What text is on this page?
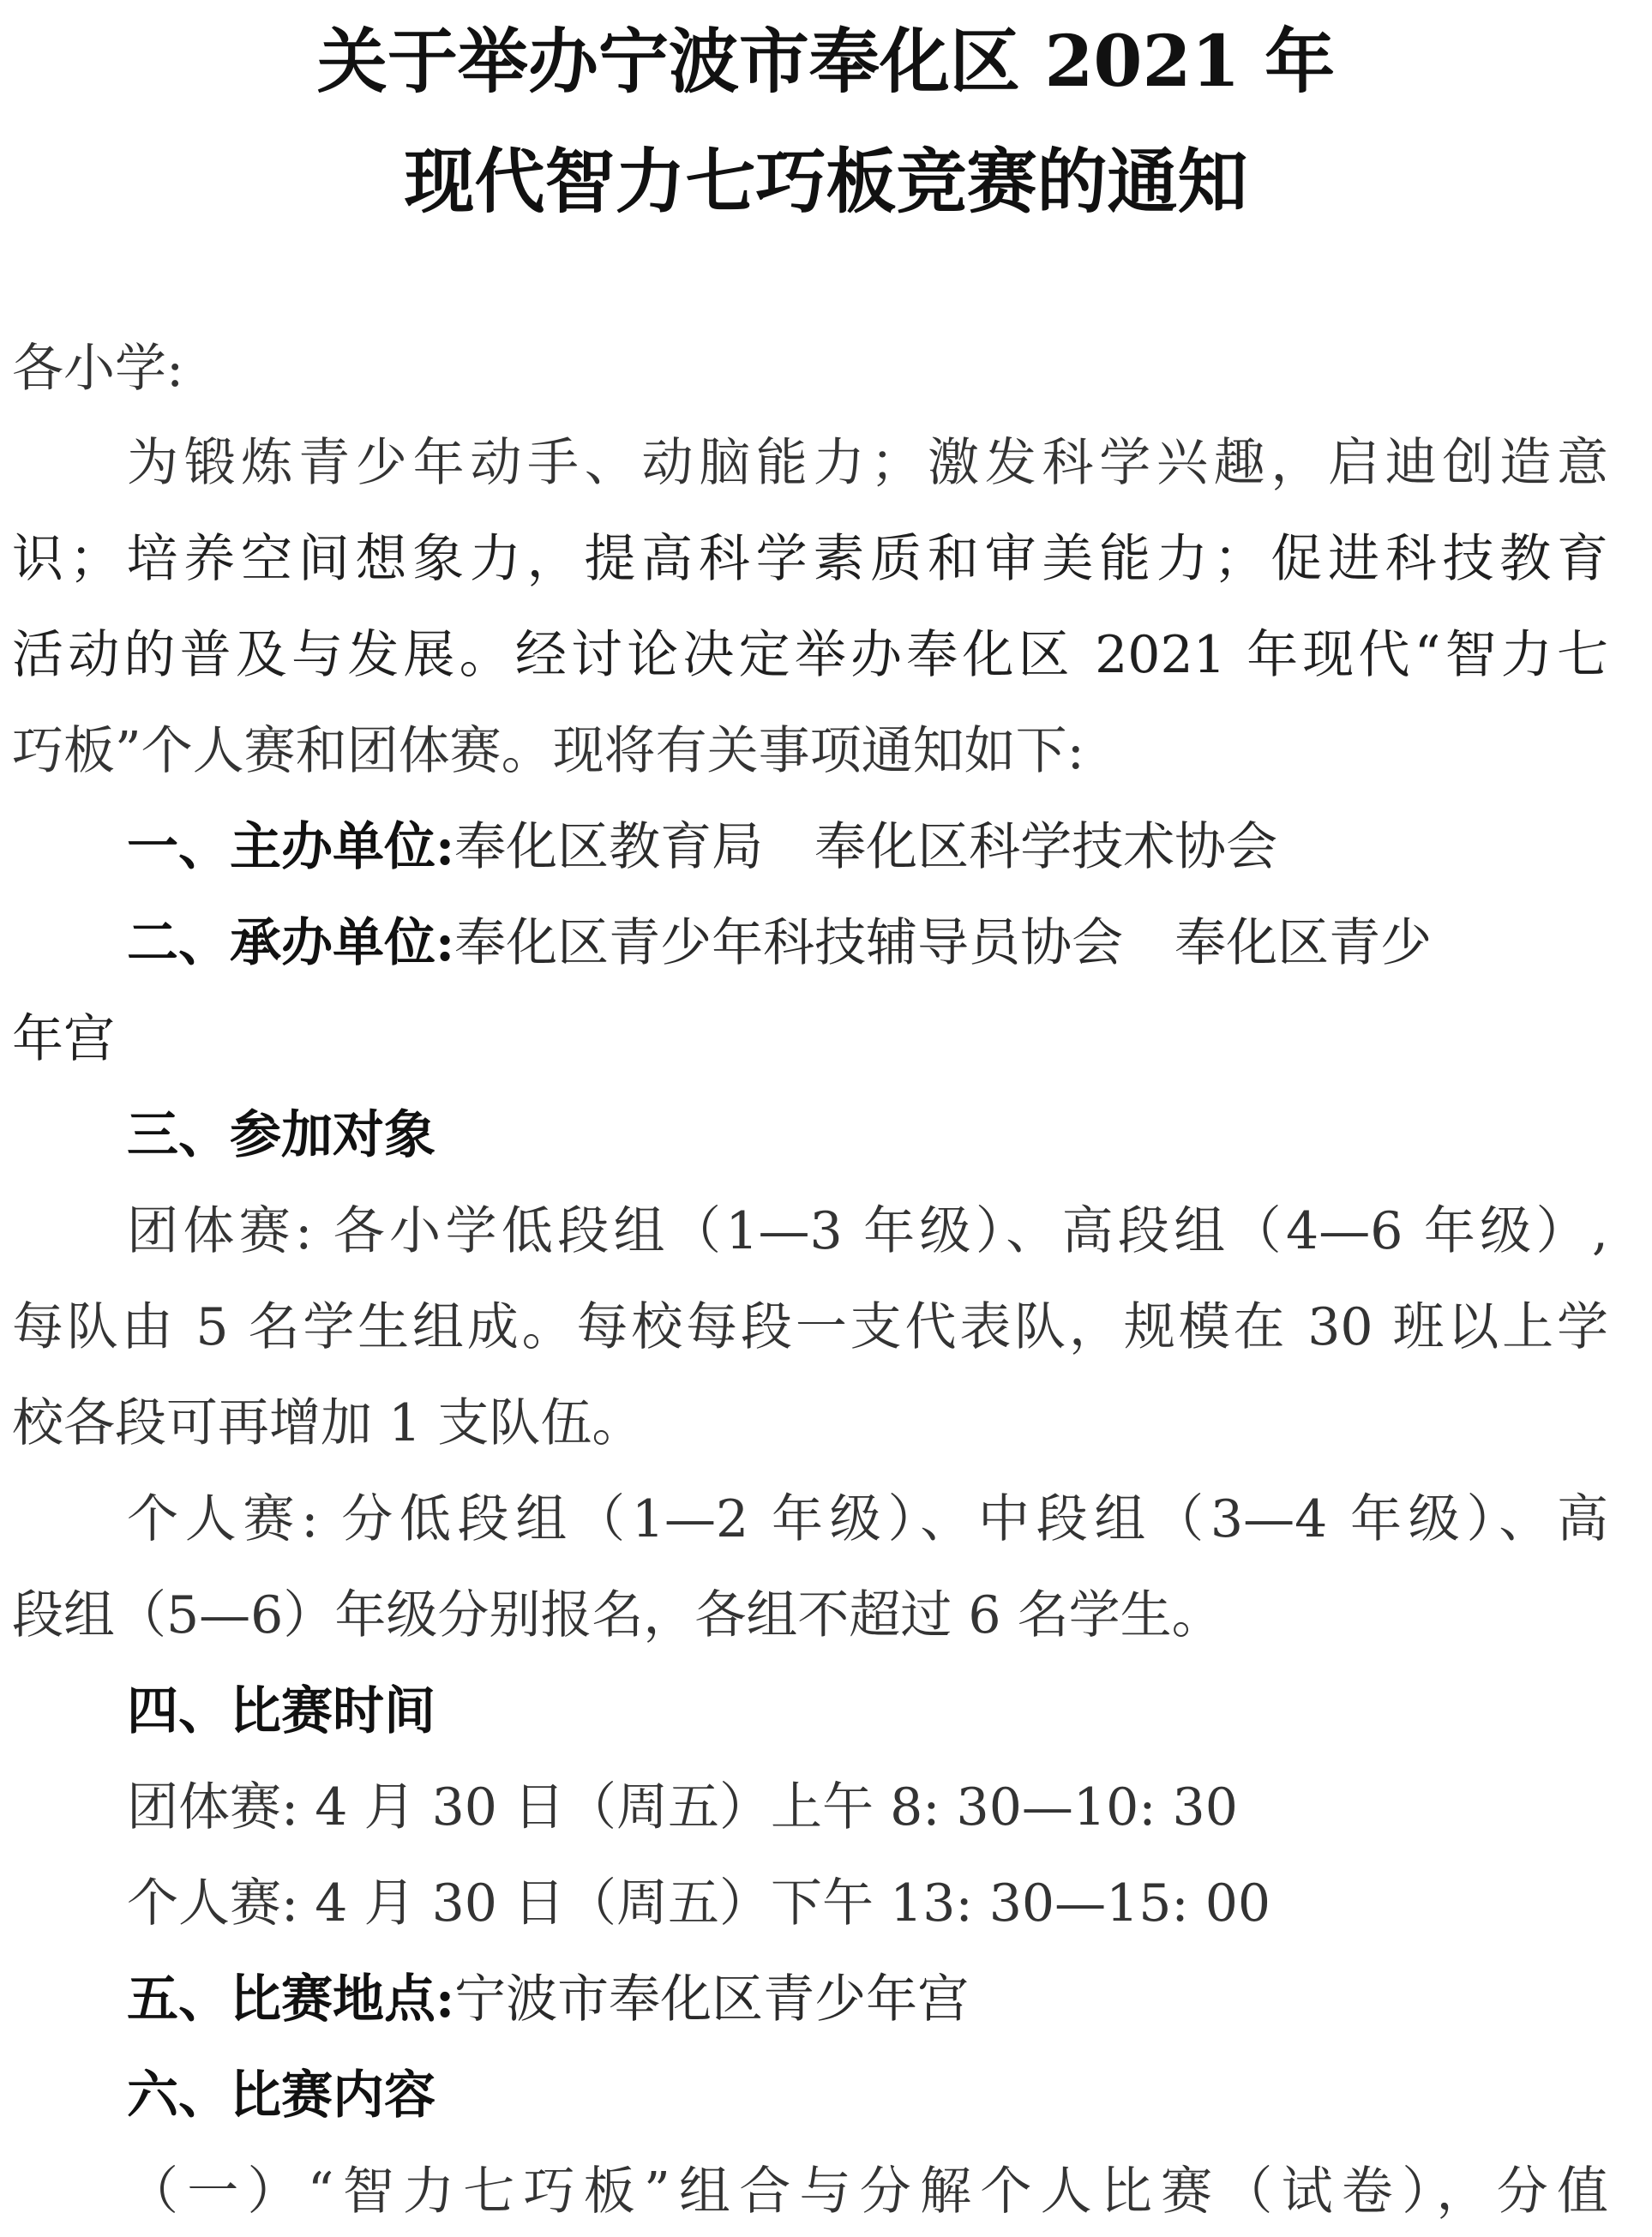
关于举办宁波市奉化区 2021 年
现代智力七巧板竞赛的通知
各小学:
为锻炼青少年动手、动脑能力；激发科学兴趣，启迪创造意
识；培养空间想象力，提高科学素质和审美能力；促进科技教育
活动的普及与发展。经讨论决定举办奉化区 2021 年现代“智力七
巧板”个人赛和团体赛。现将有关事项通知如下:
一、主办单位:奉化区教育局　奉化区科学技术协会
二、承办单位:奉化区青少年科技辅导员协会　奉化区青少
年宫
三、参加对象
团体赛: 各小学低段组（1—3 年级）、高段组（4—6 年级）,
每队由 5 名学生组成。每校每段一支代表队，规模在 30 班以上学
校各段可再增加 1 支队伍。
个人赛: 分低段组（1—2 年级）、中段组（3—4 年级）、高
段组（5—6）年级分别报名，各组不超过 6 名学生。
四、比赛时间
团体赛: 4 月 30 日（周五）上午 8: 30—10: 30
个人赛: 4 月 30 日（周五）下午 13: 30—15: 00
五、比赛地点:宁波市奉化区青少年宫
六、比赛内容
（一）“智力七巧板”组合与分解个人比赛（试卷），分值
